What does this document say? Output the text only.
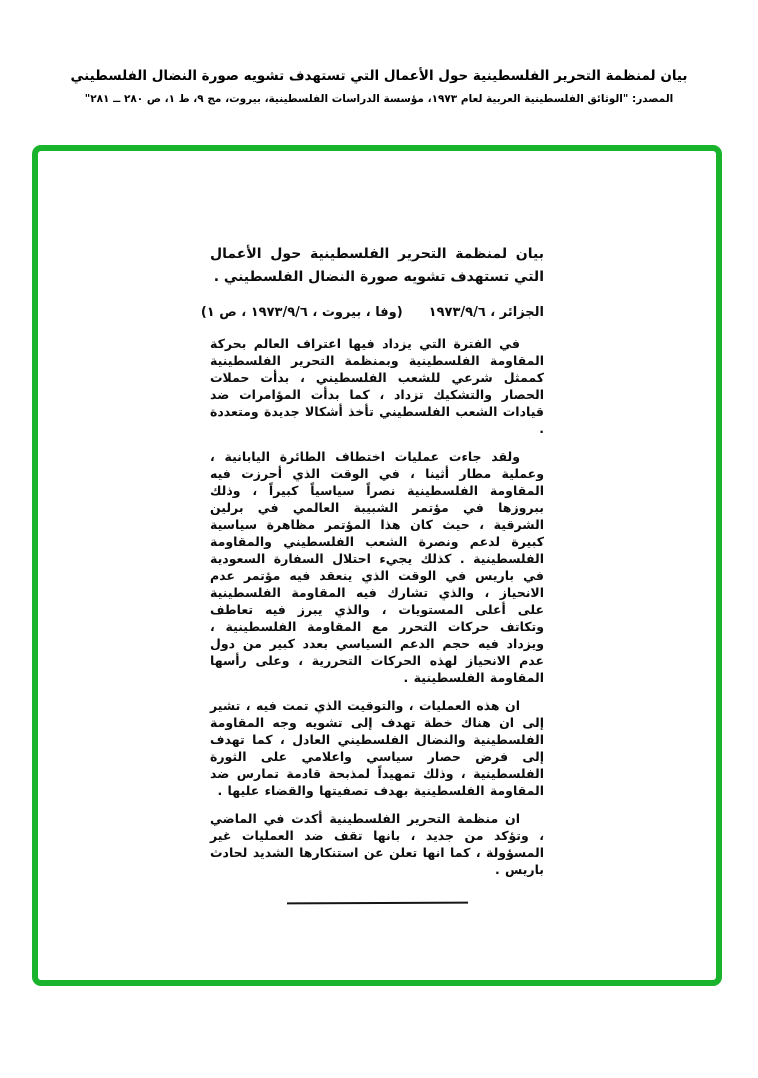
بيان لمنظمة التحرير الفلسطينية حول الأعمال التي تستهدف تشويه صورة النضال الفلسطيني
المصدر: "الوثائق الفلسطينية العربية لعام ١٩٧٣، مؤسسة الدراسات الفلسطينية، بيروت، مج ٩، ط ١، ص ٢٨٠ ــ ٢٨١"
بيان لمنظمة التحرير الفلسطينية حول الأعمال التي تستهدف تشويه صورة النضال الفلسطيني .
الجزائر ، ١٩٧٣/٩/٦
(وفا ، بيروت ، ١٩٧٣/٩/٦ ، ص ١)

في الفترة التي يزداد فيها اعتراف العالم بحركة المقاومة الفلسطينية وبمنظمة التحرير الفلسطينية كممثل شرعي للشعب الفلسطيني ، بدأت حملات الحصار والتشكيك تزداد ، كما بدأت المؤامرات ضد قيادات الشعب الفلسطيني تأخذ أشكالا جديدة ومتعددة .

ولقد جاءت عمليات اختطاف الطائرة اليابانية ، وعملية مطار أثينا ، في الوقت الذي أحرزت فيه المقاومة الفلسطينية نصراً سياسياً كبيراً ، وذلك ببروزها في مؤتمر الشبيبة العالمي في برلين الشرقية ، حيث كان هذا المؤتمر مظاهرة سياسية كبيرة لدعم ونصرة الشعب الفلسطيني والمقاومة الفلسطينية . كذلك يجيء احتلال السفارة السعودية في باريس في الوقت الذي ينعقد فيه مؤتمر عدم الانحياز ، والذي تشارك فيه المقاومة الفلسطينية على أعلى المستويات ، والذي يبرز فيه تعاطف وتكاتف حركات التحرر مع المقاومة الفلسطينية ، ويزداد فيه حجم الدعم السياسي بعدد كبير من دول عدم الانحياز لهذه الحركات التحررية ، وعلى رأسها المقاومة الفلسطينية .

ان هذه العمليات ، والتوقيت الذي تمت فيه ، تشير إلى ان هناك خطة تهدف إلى تشويه وجه المقاومة الفلسطينية والنضال الفلسطيني العادل ، كما تهدف إلى فرض حصار سياسي واعلامي على الثورة الفلسطينية ، وذلك تمهيداً لمذبحة قادمة تمارس ضد المقاومة الفلسطينية بهدف تصفيتها والقضاء عليها .

ان منظمة التحرير الفلسطينية أكدت في الماضي ، وتؤكد من جديد ، بانها تقف ضد العمليات غير المسؤولة ، كما انها تعلن عن استنكارها الشديد لحادث باريس .
